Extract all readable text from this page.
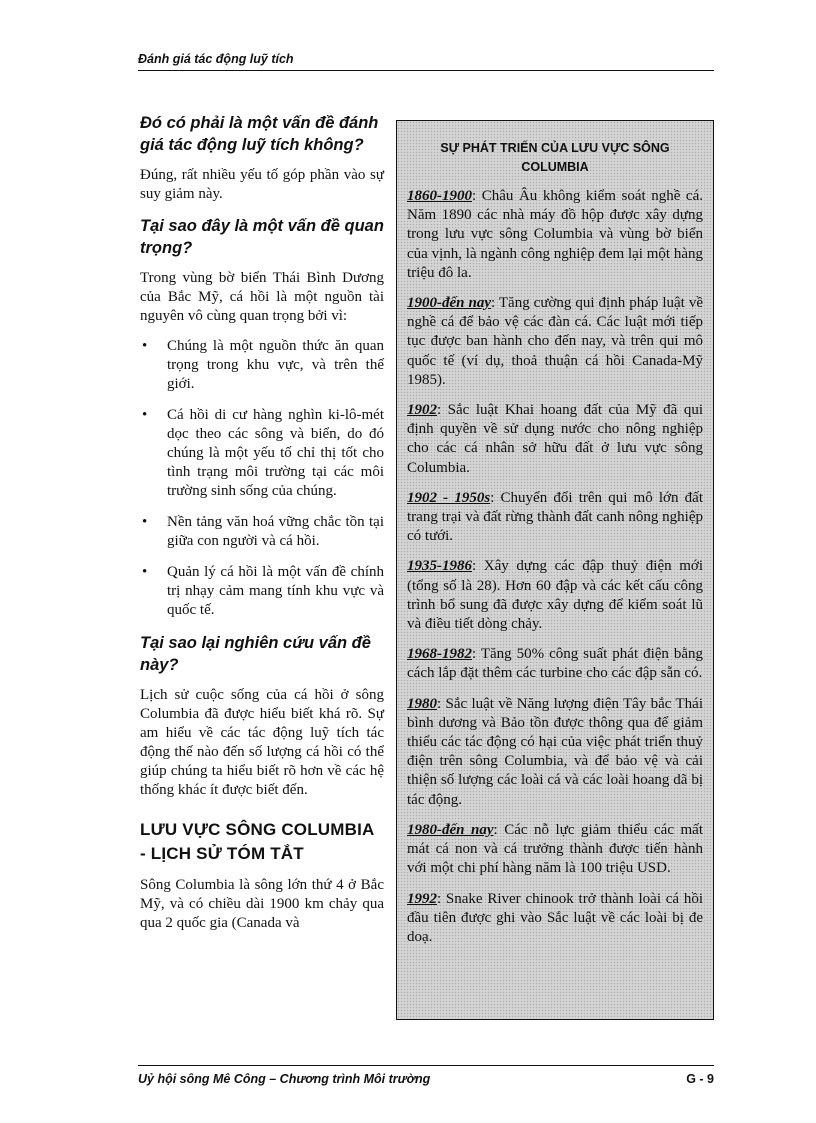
Đánh giá tác động luỹ tích
Đó có phải là một vấn đề đánh giá tác động luỹ tích không?

Đúng, rất nhiều yếu tố góp phần vào sự suy giảm này.

Tại sao đây là một vấn đề quan trọng?

Trong vùng bờ biển Thái Bình Dương của Bắc Mỹ, cá hồi là một nguồn tài nguyên vô cùng quan trọng bởi vì:

• Chúng là một nguồn thức ăn quan trọng trong khu vực, và trên thế giới.
• Cá hồi di cư hàng nghìn ki-lô-mét dọc theo các sông và biển, do đó chúng là một yếu tố chỉ thị tốt cho tình trạng môi trường tại các môi trường sinh sống của chúng.
• Nền tảng văn hoá vững chắc tồn tại giữa con người và cá hồi.
• Quản lý cá hồi là một vấn đề chính trị nhạy cảm mang tính khu vực và quốc tế.
Tại sao lại nghiên cứu vấn đề này?

Lịch sử cuộc sống của cá hồi ở sông Columbia đã được hiểu biết khá rõ. Sự am hiểu về các tác động luỹ tích tác động thế nào đến số lượng cá hồi có thể giúp chúng ta hiểu biết rõ hơn về các hệ thống khác ít được biết đến.

LƯU VỰC SÔNG COLUMBIA - LỊCH SỬ TÓM TẮT

Sông Columbia là sông lớn thứ 4 ở Bắc Mỹ, và có chiều dài 1900 km chảy qua qua 2 quốc gia (Canada và

SỰ PHÁT TRIỂN CỦA LƯU VỰC SÔNG COLUMBIA

1860-1900: Châu Âu không kiểm soát nghề cá. Năm 1890 các nhà máy đồ hộp được xây dựng trong lưu vực sông Columbia và vùng bờ biển của vịnh, là ngành công nghiệp đem lại một hàng triệu đô la.

1900-đến nay: Tăng cường qui định pháp luật về nghề cá để bảo vệ các đàn cá. Các luật mới tiếp tục được ban hành cho đến nay, và trên qui mô quốc tế (ví dụ, thoả thuận cá hồi Canada-Mỹ 1985).

1902: Sắc luật Khai hoang đất của Mỹ đã qui định quyền về sử dụng nước cho nông nghiệp cho các cá nhân sở hữu đất ở lưu vực sông Columbia.

1902 - 1950s: Chuyển đổi trên qui mô lớn đất trang trại và đất rừng thành đất canh nông nghiệp có tưới.

1935-1986: Xây dựng các đập thuỷ điện mới (tổng số là 28). Hơn 60 đập và các kết cấu công trình bổ sung đã được xây dựng để kiểm soát lũ và điều tiết dòng chảy.

1968-1982: Tăng 50% công suất phát điện bằng cách lắp đặt thêm các turbine cho các đập sẵn có.

1980: Sắc luật về Năng lượng điện Tây bắc Thái bình dương và Bảo tồn được thông qua để giảm thiểu các tác động có hại của việc phát triển thuỷ điện trên sông Columbia, và để bảo vệ và cải thiện số lượng các loài cá và các loài hoang dã bị tác động.

1980-đến nay: Các nỗ lực giảm thiểu các mất mát cá non và cá trưởng thành được tiến hành với một chi phí hàng năm là 100 triệu USD.

1992: Snake River chinook trở thành loài cá hồi đầu tiên được ghi vào Sắc luật về các loài bị đe doạ.

Uỷ hội sông Mê Công – Chương trình Môi trường	G - 9
